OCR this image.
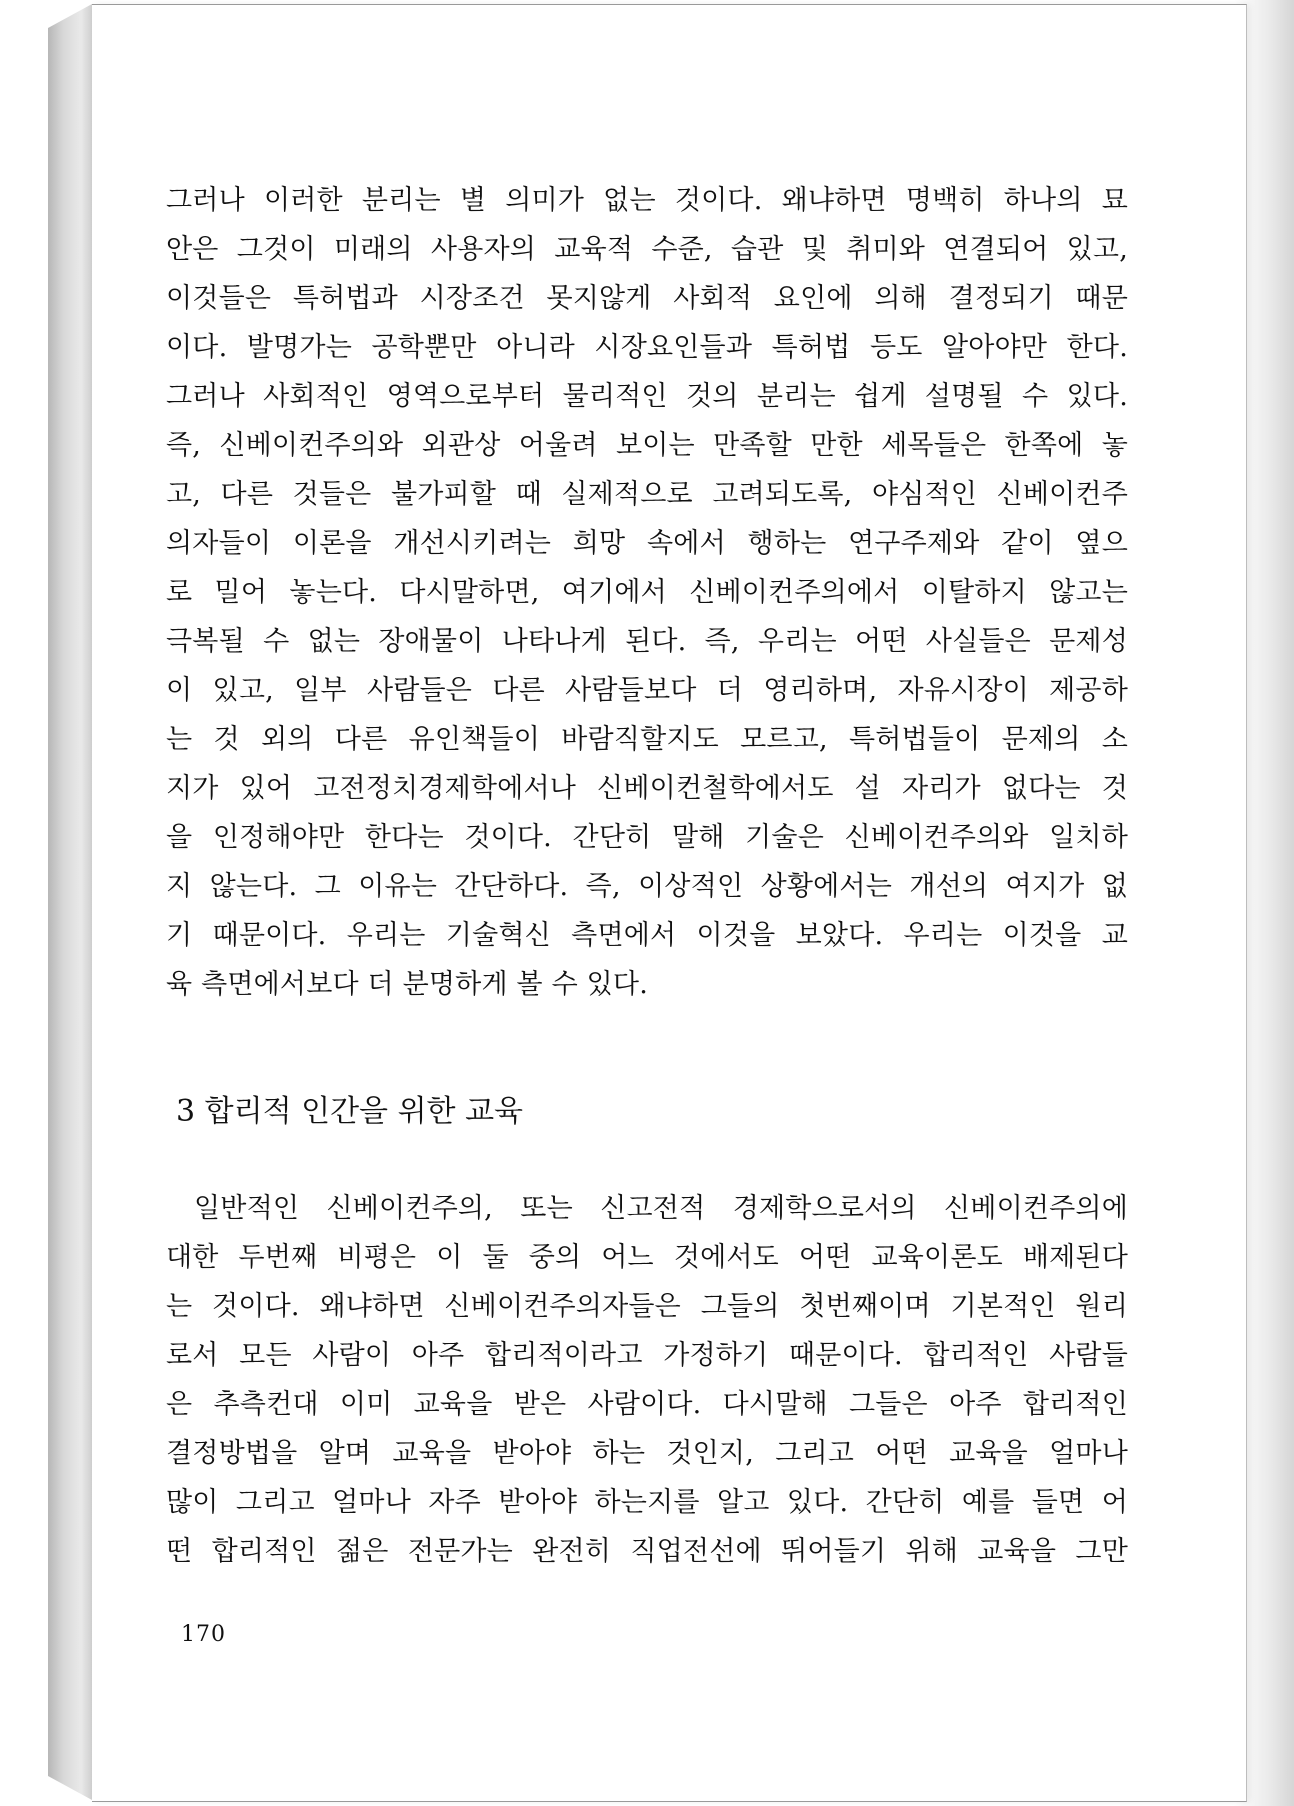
그러나 이러한 분리는 별 의미가 없는 것이다. 왜냐하면 명백히 하나의 묘
안은 그것이 미래의 사용자의 교육적 수준, 습관 및 취미와 연결되어 있고,
이것들은 특허법과 시장조건 못지않게 사회적 요인에 의해 결정되기 때문
이다. 발명가는 공학뿐만 아니라 시장요인들과 특허법 등도 알아야만 한다.
그러나 사회적인 영역으로부터 물리적인 것의 분리는 쉽게 설명될 수 있다.
즉, 신베이컨주의와 외관상 어울려 보이는 만족할 만한 세목들은 한쪽에 놓
고, 다른 것들은 불가피할 때 실제적으로 고려되도록, 야심적인 신베이컨주
의자들이 이론을 개선시키려는 희망 속에서 행하는 연구주제와 같이 옆으
로 밀어 놓는다. 다시말하면, 여기에서 신베이컨주의에서 이탈하지 않고는
극복될 수 없는 장애물이 나타나게 된다. 즉, 우리는 어떤 사실들은 문제성
이 있고, 일부 사람들은 다른 사람들보다 더 영리하며, 자유시장이 제공하
는 것 외의 다른 유인책들이 바람직할지도 모르고, 특허법들이 문제의 소
지가 있어 고전정치경제학에서나 신베이컨철학에서도 설 자리가 없다는 것
을 인정해야만 한다는 것이다. 간단히 말해 기술은 신베이컨주의와 일치하
지 않는다. 그 이유는 간단하다. 즉, 이상적인 상황에서는 개선의 여지가 없
기 때문이다. 우리는 기술혁신 측면에서 이것을 보았다. 우리는 이것을 교
육 측면에서보다 더 분명하게 볼 수 있다.
3 합리적 인간을 위한 교육
일반적인 신베이컨주의, 또는 신고전적 경제학으로서의 신베이컨주의에
대한 두번째 비평은 이 둘 중의 어느 것에서도 어떤 교육이론도 배제된다
는 것이다. 왜냐하면 신베이컨주의자들은 그들의 첫번째이며 기본적인 원리
로서 모든 사람이 아주 합리적이라고 가정하기 때문이다. 합리적인 사람들
은 추측컨대 이미 교육을 받은 사람이다. 다시말해 그들은 아주 합리적인
결정방법을 알며 교육을 받아야 하는 것인지, 그리고 어떤 교육을 얼마나
많이 그리고 얼마나 자주 받아야 하는지를 알고 있다. 간단히 예를 들면 어
떤 합리적인 젊은 전문가는 완전히 직업전선에 뛰어들기 위해 교육을 그만
170
